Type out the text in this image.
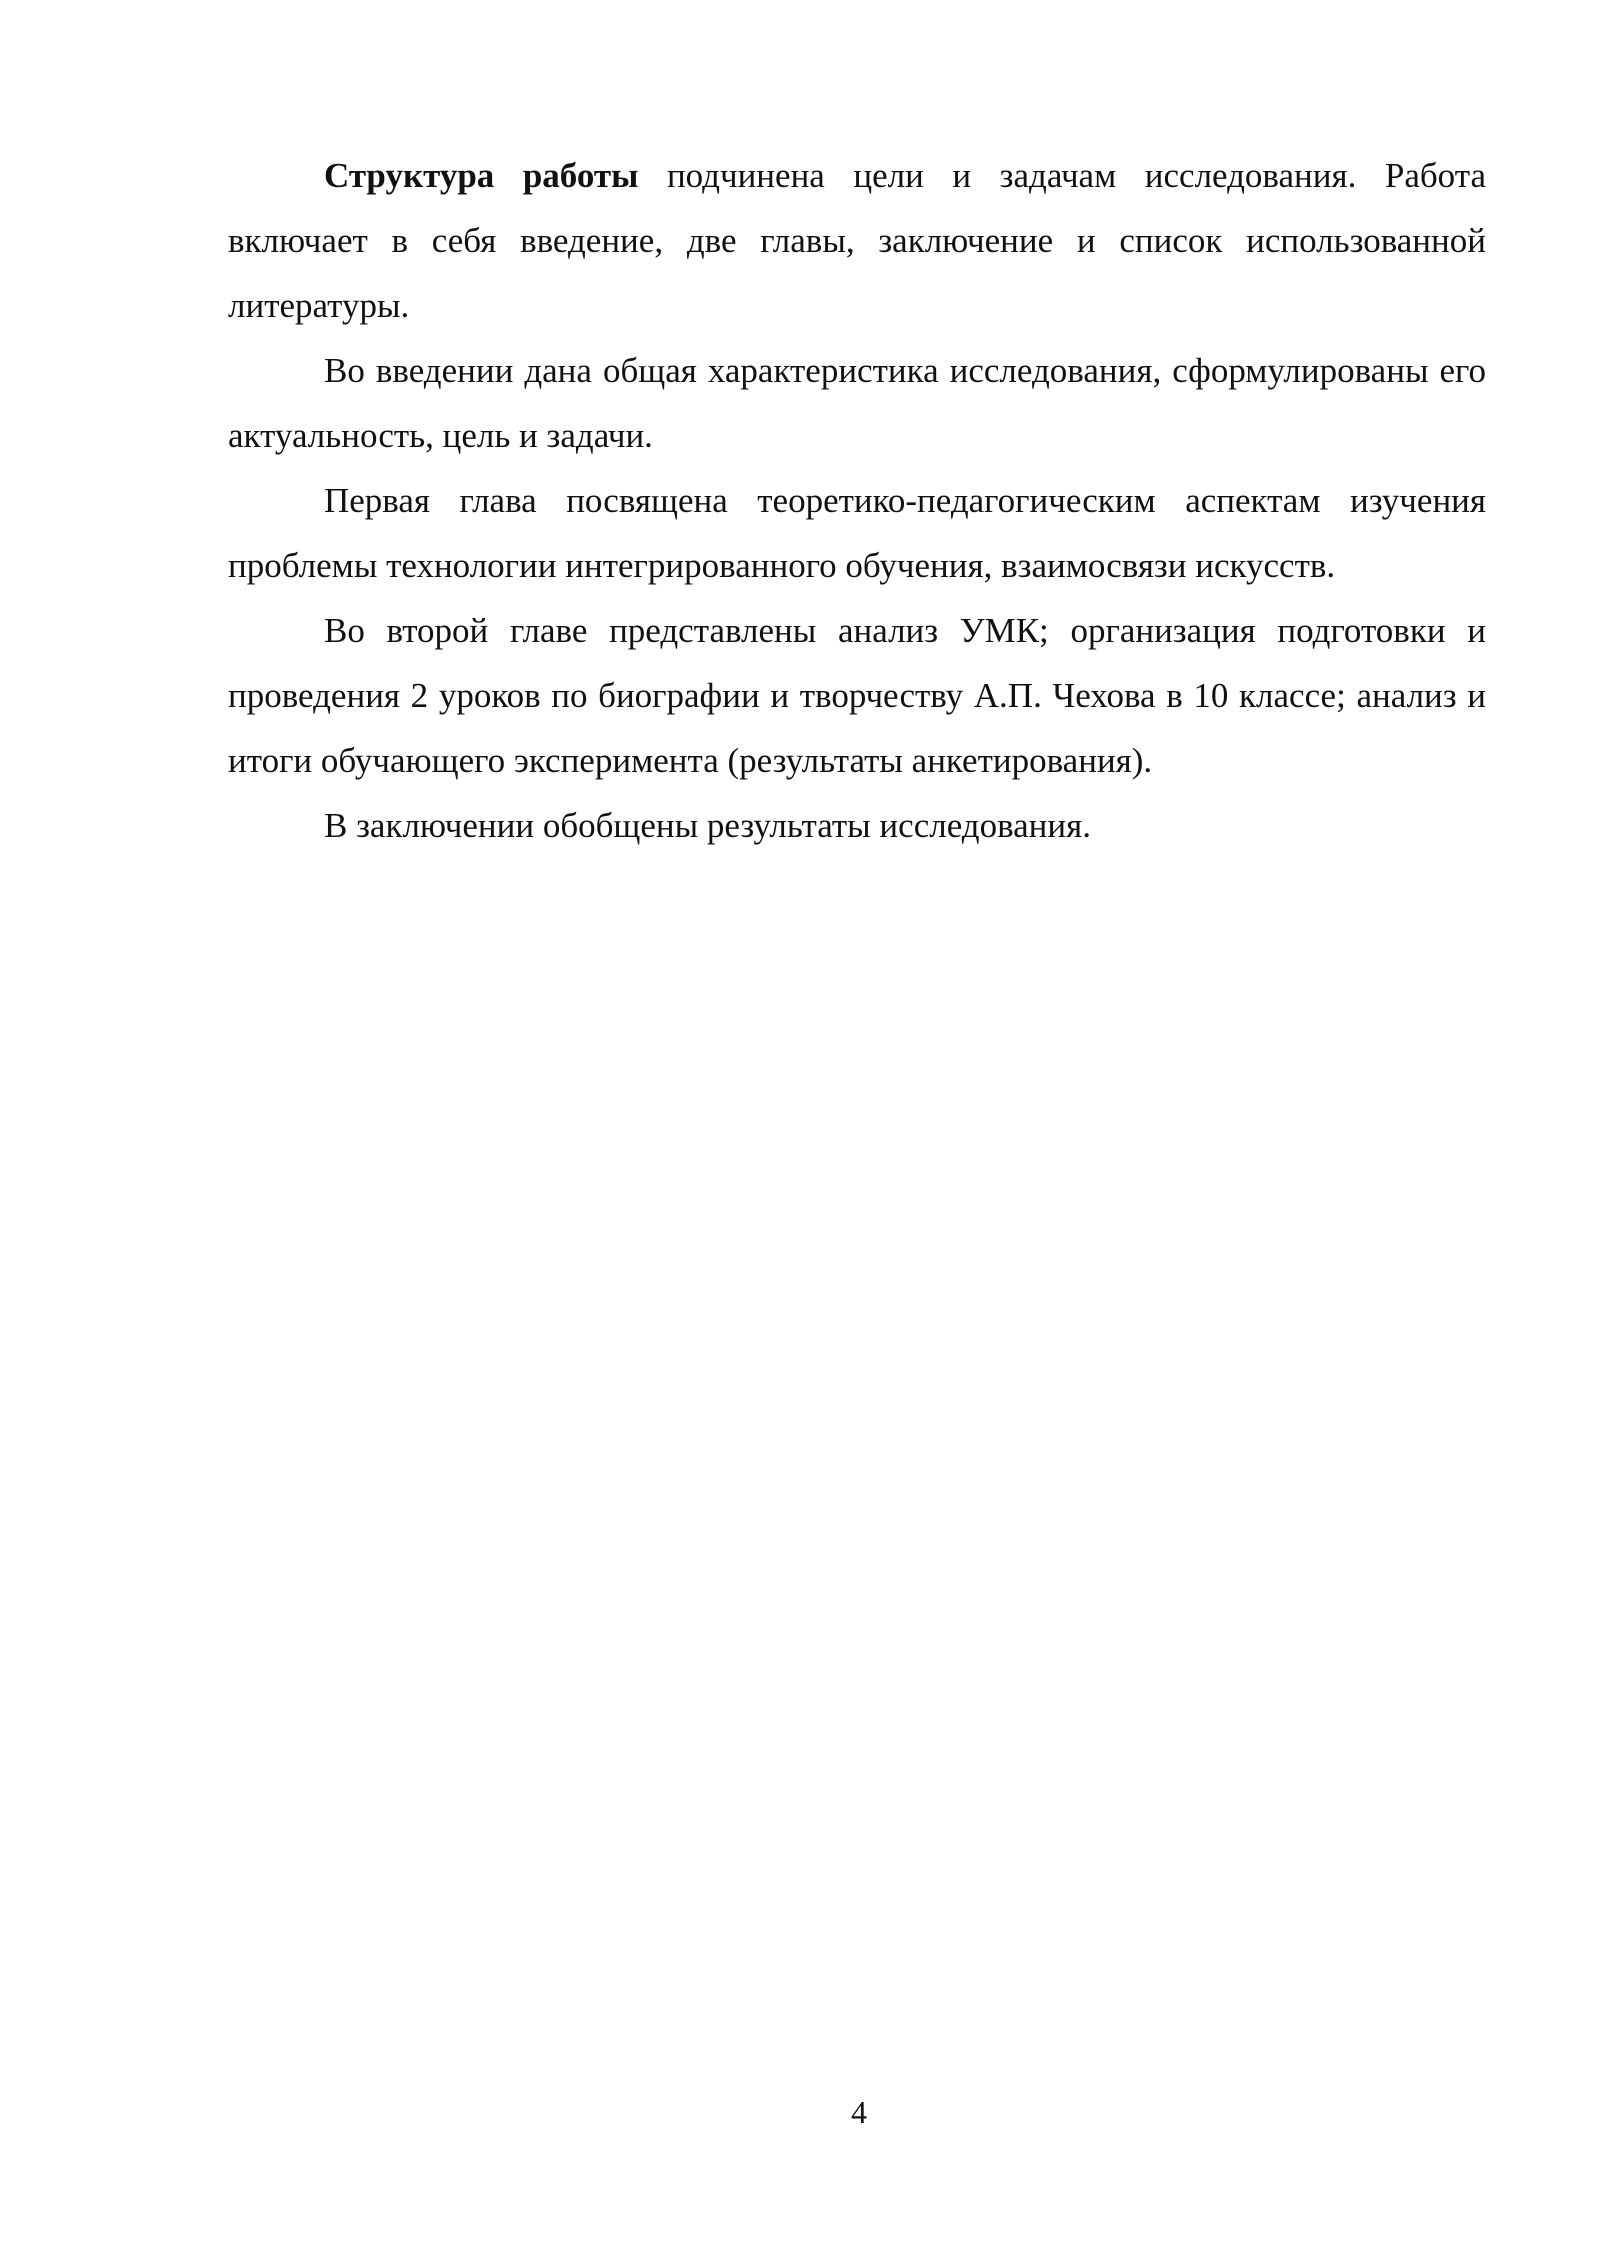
Структура работы подчинена цели и задачам исследования. Работа включает в себя введение, две главы, заключение и список использованной литературы.

Во введении дана общая характеристика исследования, сформулированы его актуальность, цель и задачи.

Первая глава посвящена теоретико-педагогическим аспектам изучения проблемы технологии интегрированного обучения, взаимосвязи искусств.

Во второй главе представлены анализ УМК; организация подготовки и проведения 2 уроков по биографии и творчеству А.П. Чехова в 10 классе; анализ и итоги обучающего эксперимента (результаты анкетирования).

В заключении обобщены результаты исследования.

4
